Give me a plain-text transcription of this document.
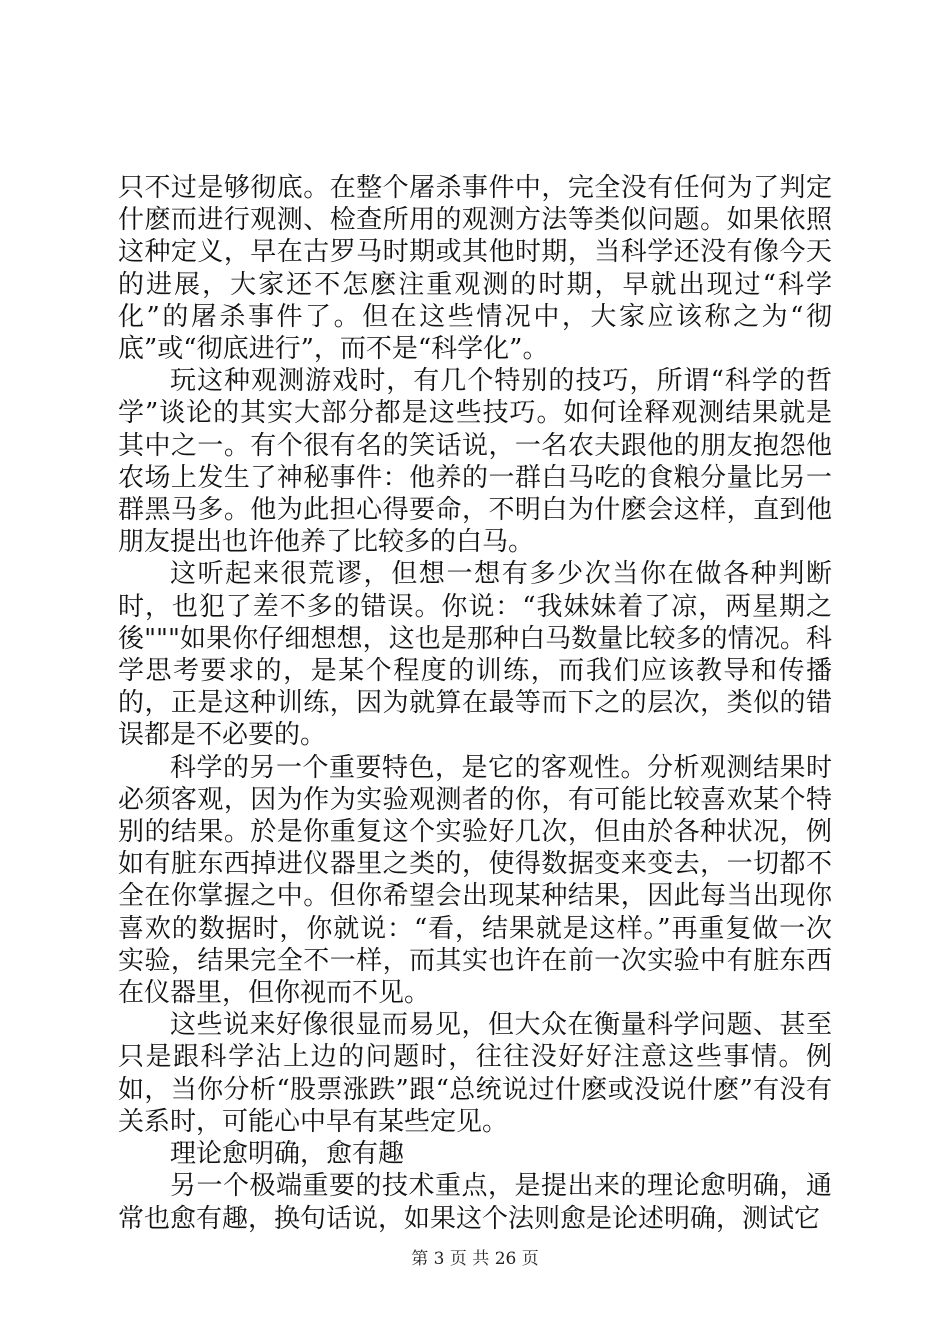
只不过是够彻底。在整个屠杀事件中，完全没有任何为了判定什麽而进行观测、检查所用的观测方法等类似问题。如果依照这种定义，早在古罗马时期或其他时期，当科学还没有像今天的进展，大家还不怎麽注重观测的时期，早就出现过“科学化”的屠杀事件了。但在这些情况中，大家应该称之为“彻底”或“彻底进行”，而不是“科学化”。

玩这种观测游戏时，有几个特别的技巧，所谓“科学的哲学”谈论的其实大部分都是这些技巧。如何诠释观测结果就是其中之一。有个很有名的笑话说，一名农夫跟他的朋友抱怨他农场上发生了神秘事件：他养的一群白马吃的食粮分量比另一群黑马多。他为此担心得要命，不明白为什麽会这样，直到他朋友提出也许他养了比较多的白马。

这听起来很荒谬，但想一想有多少次当你在做各种判断时，也犯了差不多的错误。你说：“我妹妹着了凉，两星期之後"""如果你仔细想想，这也是那种白马数量比较多的情况。科学思考要求的，是某个程度的训练，而我们应该教导和传播的，正是这种训练，因为就算在最等而下之的层次，类似的错误都是不必要的。

科学的另一个重要特色，是它的客观性。分析观测结果时必须客观，因为作为实验观测者的你，有可能比较喜欢某个特别的结果。於是你重复这个实验好几次，但由於各种状况，例如有脏东西掉进仪器里之类的，使得数据变来变去，一切都不全在你掌握之中。但你希望会出现某种结果，因此每当出现你喜欢的数据时，你就说：“看，结果就是这样。”再重复做一次实验，结果完全不一样，而其实也许在前一次实验中有脏东西在仪器里，但你视而不见。

这些说来好像很显而易见，但大众在衡量科学问题、甚至只是跟科学沾上边的问题时，往往没好好注意这些事情。例如，当你分析“股票涨跌”跟“总统说过什麽或没说什麽”有没有关系时，可能心中早有某些定见。

理论愈明确，愈有趣

另一个极端重要的技术重点，是提出来的理论愈明确，通常也愈有趣，换句话说，如果这个法则愈是论述明确，测试它

第 3 页 共 26 页
